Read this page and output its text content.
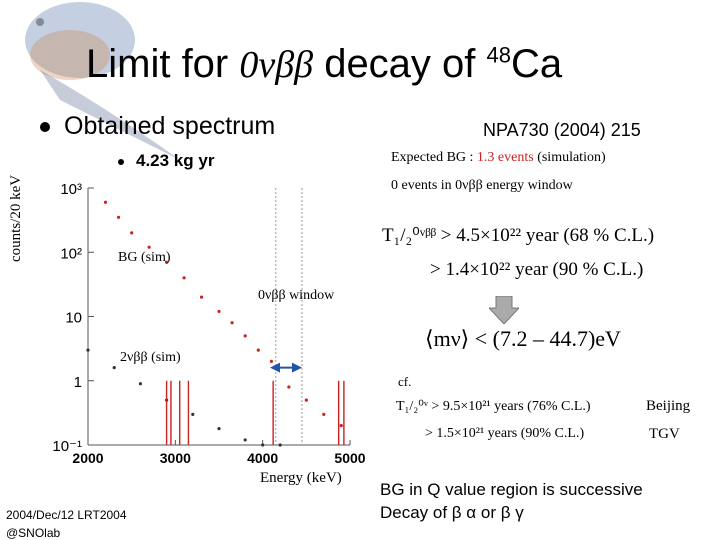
Limit for 0νββ decay of $^{48}$Ca
Obtained spectrum	NPA730 (2004) 215
4.23 kg yr	Expected BG : 1.3 events (simulation)
0 events in 0νββ energy window
10³
10²
10
1
10⁻¹
2000	3000	4000	5000
counts/20 keV	BG (sim)
0νββ window
2νββ (sim)
Energy (keV)
T₁/₂⁰ᵛᵝᵝ > 4.5×10²² year (68 % C.L.)
> 1.4×10²² year (90 % C.L.)
⟨mν⟩ < (7.2 – 44.7)eV
cf.
T₁/₂⁰ᵛ > 9.5×10²¹ years (76% C.L.)	Beijing
> 1.5×10²¹ years (90% C.L.)	TGV
BG in Q value region is successive
Decay of β α or β γ
2004/Dec/12 LRT2004
@SNOlab
